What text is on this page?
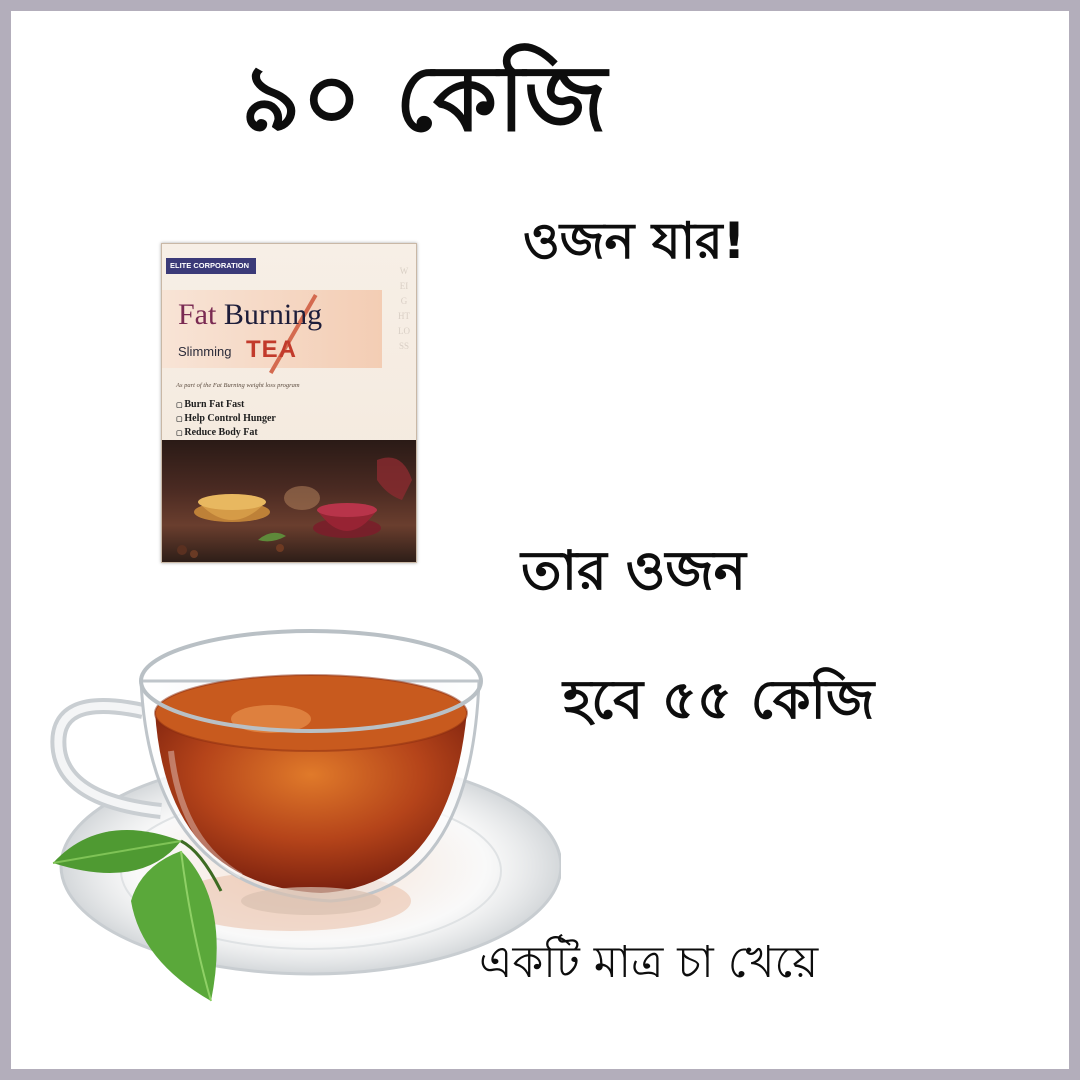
৯০ কেজি
ওজন যার!
তার ওজন
হবে ৫৫ কেজি
একটি মাত্র চা খেয়ে
ELITE CORPORATION
Fat Burning
Slimming TEA
As part of the Fat Burning weight loss program
▢ Burn Fat Fast
▢ Help Control Hunger
▢ Reduce Body Fat
WEIGHT LOSS
